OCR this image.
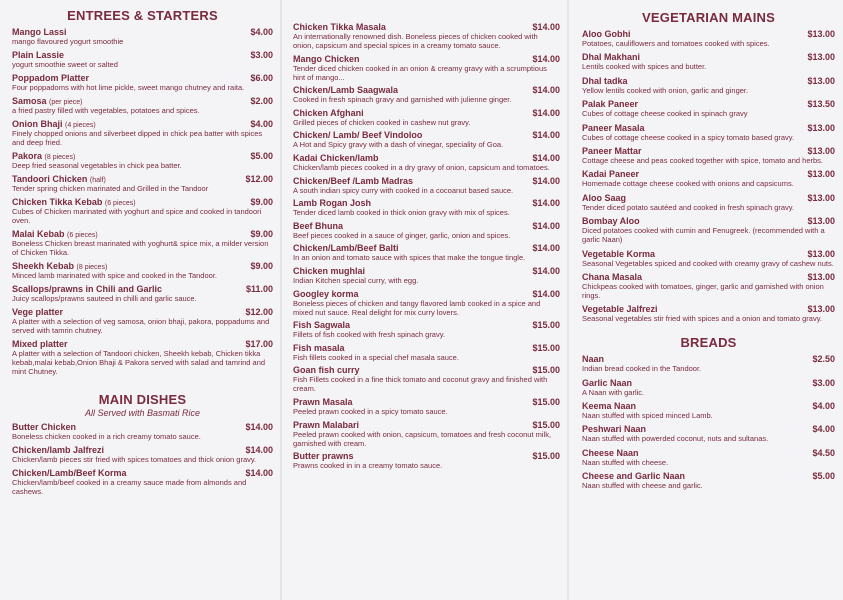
ENTREES & STARTERS
Mango Lassi	$4.00
mango flavoured yogurt smoothie
Plain Lassie	$3.00
yogurt smoothie sweet or salted
Poppadom Platter	$6.00
Four poppadoms with hot lime pickle, sweet mango chutney and raita.
Samosa (per piece)	$2.00
a fried pastry filled with vegetables, potatoes and spices.
Onion Bhaji (4 pieces)	$4.00
Finely chopped onions and silverbeet dipped in chick pea batter with spices and deep fried.
Pakora (8 pieces)	$5.00
Deep fried seasonal vegetables in chick pea batter.
Tandoori Chicken (half)	$12.00
Tender spring chicken marinated and Grilled in the Tandoor
Chicken Tikka Kebab (6 pieces)	$9.00
Cubes of Chicken marinated with yoghurt and spice and cooked in tandoori oven.
Malai Kebab (6 pieces)	$9.00
Boneless Chicken breast marinated with yoghurt& spice mix, a milder version of Chicken Tikka.
Sheekh Kebab (8 pieces)	$9.00
Minced lamb marinated with spice and cooked in the Tandoor.
Scallops/prawns in Chili and Garlic	$11.00
Juicy scallops/prawns sauteed in chilli and garlic sauce.
Vege platter	$12.00
A platter with a selection of veg samosa, onion bhaji, pakora, poppadums and served with tamrin chutney.
Mixed platter	$17.00
A platter with a selection of Tandoori chicken, Sheekh kebab, Chicken tikka kebab,malai kebab,Onion Bhaji & Pakora served with salad and tamrind and mint Chutney.
MAIN DISHES
All Served with Basmati Rice
Butter Chicken	$14.00
Boneless chicken cooked in a rich creamy tomato sauce.
Chicken/lamb Jalfrezi	$14.00
Chicken/lamb pieces stir fried with spices tomatoes and thick onion gravy.
Chicken/Lamb/Beef Korma	$14.00
Chicken/lamb/beef cooked in a creamy sauce made from almonds and cashews.
Chicken Tikka Masala	$14.00
An internationally renowned dish. Boneless pieces of chicken cooked with onion, capsicum and special spices in a creamy tomato sauce.
Mango Chicken	$14.00
Tender diced chicken cooked in an onion & creamy gravy with a scrumptious hint of mango...
Chicken/Lamb Saagwala	$14.00
Cooked in fresh spinach gravy and garnished with julienne ginger.
Chicken Afghani	$14.00
Grilled pieces of chicken cooked in cashew nut gravy.
Chicken/ Lamb/ Beef Vindoloo	$14.00
A Hot and Spicy gravy with a dash of vinegar, speciality of Goa.
Kadai Chicken/lamb	$14.00
Chicken/lamb pieces cooked in a dry gravy of onion, capsicum and tomatoes.
Chicken/Beef /Lamb Madras	$14.00
A south indian spicy curry with cooked in a cocoanut based sauce.
Lamb Rogan Josh	$14.00
Tender diced lamb cooked in thick onion gravy with mix of spices.
Beef Bhuna	$14.00
Beef pieces cooked in a sauce of ginger, garlic, onion and spices.
Chicken/Lamb/Beef Balti	$14.00
In an onion and tomato sauce with spices that make the tongue tingle.
Chicken mughlai	$14.00
Indian Kitchen special curry, with egg.
Googley korma	$14.00
Boneless pieces of chicken and tangy flavored lamb cooked in a spice and mixed nut sauce. Real delight for mix curry lovers.
Fish Sagwala	$15.00
Fillets of fish cooked with fresh spinach gravy.
Fish masala	$15.00
Fish fillets cooked in a special chef masala sauce.
Goan fish curry	$15.00
Fish Fillets cooked in a fine thick tomato and coconut gravy and finished with cream.
Prawn Masala	$15.00
Peeled prawn cooked in a spicy tomato sauce.
Prawn Malabari	$15.00
Peeled prawn cooked with onion, capsicum, tomatoes and fresh coconut milk, garnished with cream.
Butter prawns	$15.00
Prawns cooked in in a creamy tomato sauce.
VEGETARIAN MAINS
Aloo Gobhi	$13.00
Potatoes, cauliflowers and tomatoes cooked with spices.
Dhal Makhani	$13.00
Lentils cooked with spices and butter.
Dhal tadka	$13.00
Yellow lentils cooked with onion, garlic and ginger.
Palak Paneer	$13.50
Cubes of cottage cheese cooked in spinach gravy
Paneer Masala	$13.00
Cubes of cottage cheese cooked in a spicy tomato based gravy.
Paneer Mattar	$13.00
Cottage cheese and peas cooked together with spice, tomato and herbs.
Kadai Paneer	$13.00
Homemade cottage cheese cooked with onions and capsicums.
Aloo Saag	$13.00
Tender diced potato sautéed and cooked in fresh spinach gravy.
Bombay Aloo	$13.00
Diced potatoes cooked with cumin and Fenugreek. (recommended with a garlic Naan)
Vegetable Korma	$13.00
Seasonal Vegetables spiced and cooked with creamy gravy of cashew nuts.
Chana Masala	$13.00
Chickpeas cooked with tomatoes, ginger, garlic and garnished with onion rings.
Vegetable Jalfrezi	$13.00
Seasonal vegetables stir fried with spices and a onion and tomato gravy.
BREADS
Naan	$2.50
Indian bread cooked in the Tandoor.
Garlic Naan	$3.00
A Naan with garlic.
Keema Naan	$4.00
Naan stuffed with spiced minced Lamb.
Peshwari Naan	$4.00
Naan stuffed with powerded coconut, nuts and sultanas.
Cheese Naan	$4.50
Naan stuffed with cheese.
Cheese and Garlic Naan	$5.00
Naan stuffed with cheese and garlic.
